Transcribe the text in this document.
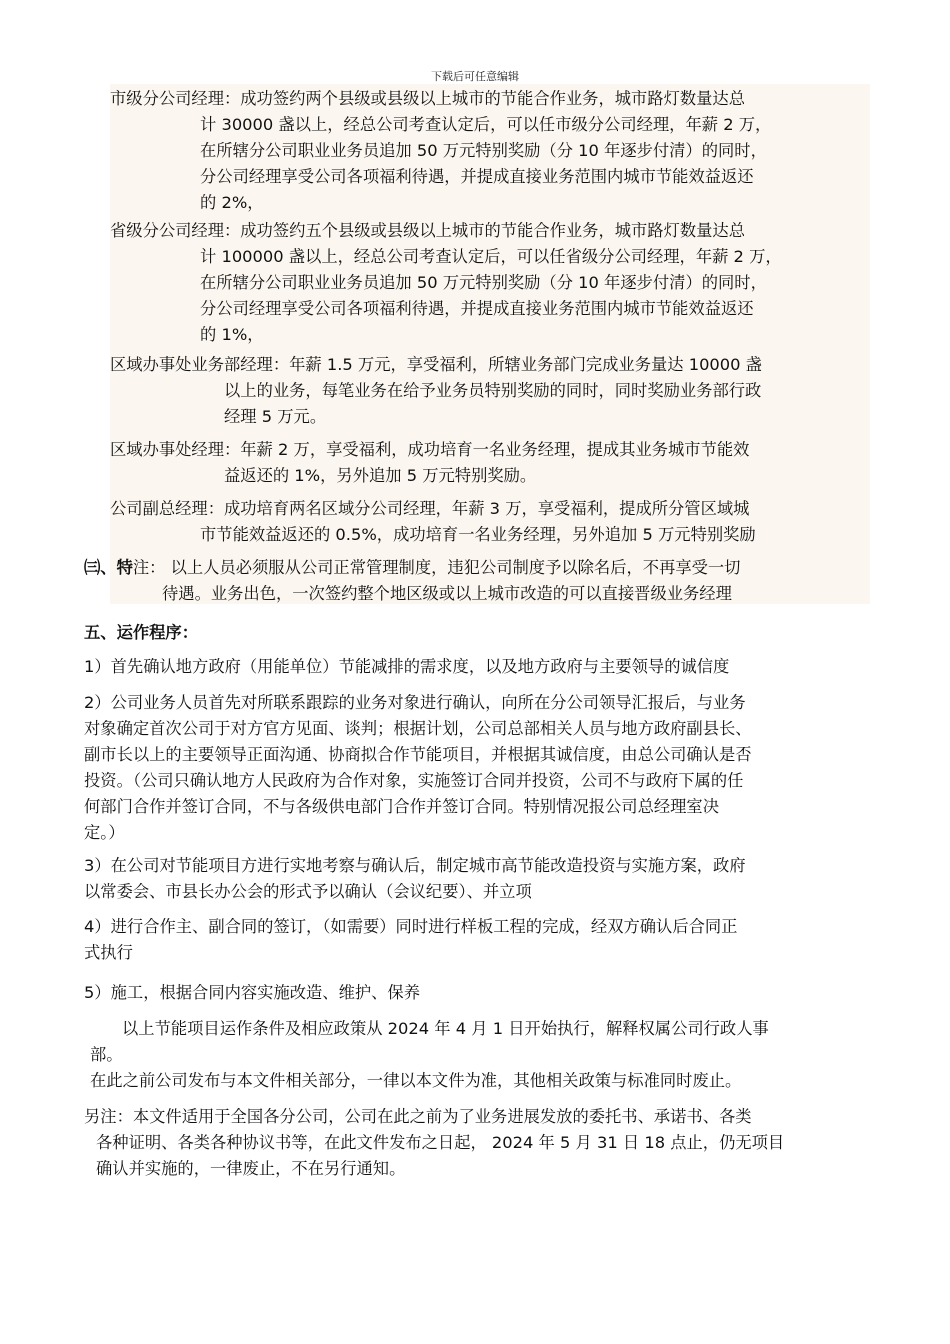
下载后可任意编辑
市级分公司经理：成功签约两个县级或县级以上城市的节能合作业务，城市路灯数量达总
计 30000 盏以上，经总公司考查认定后，可以任市级分公司经理，年薪 2 万，
在所辖分公司职业业务员追加 50 万元特别奖励（分 10 年逐步付清）的同时，
分公司经理享受公司各项福利待遇，并提成直接业务范围内城市节能效益返还
的 2%，
省级分公司经理：成功签约五个县级或县级以上城市的节能合作业务，城市路灯数量达总
计 100000 盏以上，经总公司考查认定后，可以任省级分公司经理，年薪 2 万，
在所辖分公司职业业务员追加 50 万元特别奖励（分 10 年逐步付清）的同时，
分公司经理享受公司各项福利待遇，并提成直接业务范围内城市节能效益返还
的 1%，
区域办事处业务部经理：年薪 1.5 万元，享受福利，所辖业务部门完成业务量达 10000 盏
以上的业务，每笔业务在给予业务员特别奖励的同时，同时奖励业务部行政
经理 5 万元。
区域办事处经理：年薪 2 万，享受福利，成功培育一名业务经理，提成其业务城市节能效
益返还的 1%，另外追加 5 万元特别奖励。
公司副总经理：成功培育两名区域分公司经理，年薪 3 万，享受福利，提成所分管区域城
市节能效益返还的 0.5%，成功培育一名业务经理，另外追加 5 万元特别奖励
㈢、特注： 以上人员必须服从公司正常管理制度，违犯公司制度予以除名后，不再享受一切
待遇。业务出色，一次签约整个地区级或以上城市改造的可以直接晋级业务经理
五、运作程序：
1）首先确认地方政府（用能单位）节能减排的需求度，以及地方政府与主要领导的诚信度
2）公司业务人员首先对所联系跟踪的业务对象进行确认，向所在分公司领导汇报后，与业务
对象确定首次公司于对方官方见面、谈判；根据计划，公司总部相关人员与地方政府副县长、
副市长以上的主要领导正面沟通、协商拟合作节能项目，并根据其诚信度，由总公司确认是否
投资。（公司只确认地方人民政府为合作对象，实施签订合同并投资，公司不与政府下属的任
何部门合作并签订合同，不与各级供电部门合作并签订合同。特别情况报公司总经理室决
定。）
3）在公司对节能项目方进行实地考察与确认后，制定城市高节能改造投资与实施方案，政府
以常委会、市县长办公会的形式予以确认（会议纪要）、并立项
4）进行合作主、副合同的签订，（如需要）同时进行样板工程的完成，经双方确认后合同正
式执行
5）施工，根据合同内容实施改造、维护、保养
以上节能项目运作条件及相应政策从 2024 年 4 月 1 日开始执行，解释权属公司行政人事
部。
在此之前公司发布与本文件相关部分，一律以本文件为准，其他相关政策与标准同时废止。
另注：本文件适用于全国各分公司，公司在此之前为了业务进展发放的委托书、承诺书、各类
各种证明、各类各种协议书等，在此文件发布之日起， 2024 年 5 月 31 日 18 点止，仍无项目
确认并实施的，一律废止，不在另行通知。
